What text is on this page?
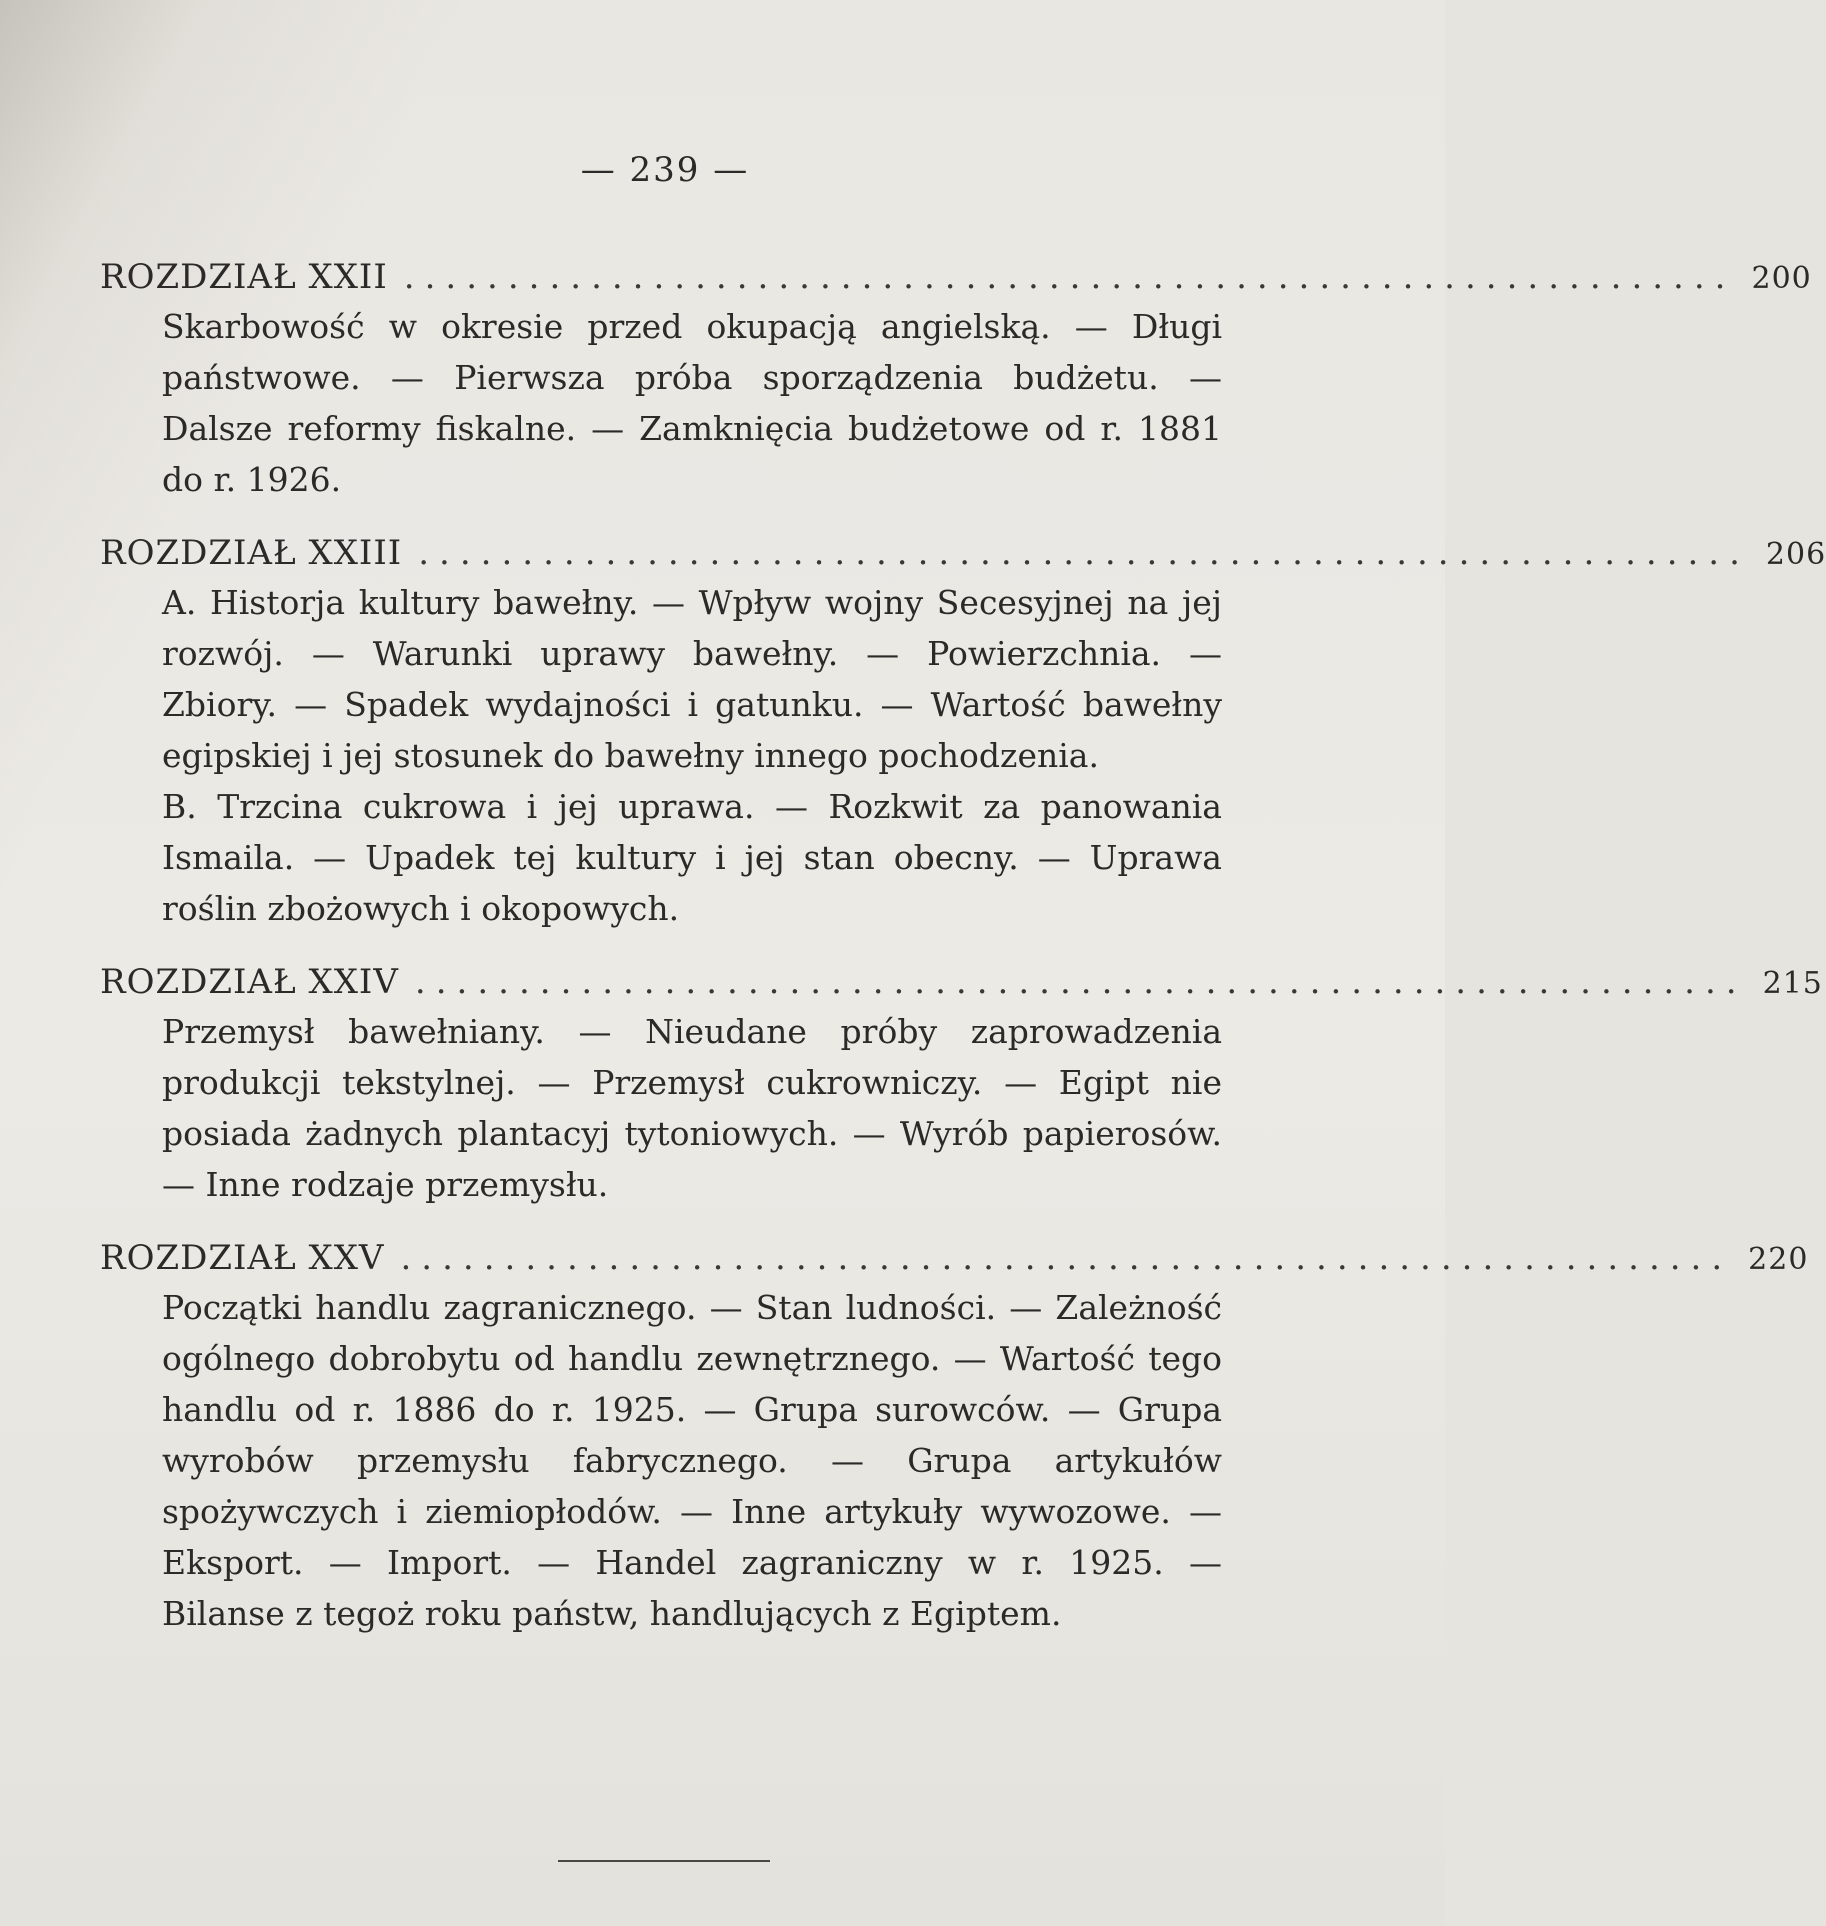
— 239 —
ROZDZIAŁ XXII ................................................................ 200

Skarbowość w okresie przed okupacją angielską. — Długi państwowe. — Pierwsza próba sporządzenia budżetu. — Dalsze reformy fiskalne. — Zamknięcia budżetowe od r. 1881 do r. 1926.

ROZDZIAŁ XXIII ................................................................ 206

A. Historja kultury bawełny. — Wpływ wojny Secesyjnej na jej rozwój. — Warunki uprawy bawełny. — Powierzchnia. — Zbiory. — Spadek wydajności i gatunku. — Wartość bawełny egipskiej i jej stosunek do bawełny innego pochodzenia.

B. Trzcina cukrowa i jej uprawa. — Rozkwit za panowania Ismaila. — Upadek tej kultury i jej stan obecny. — Uprawa roślin zbożowych i okopowych.

ROZDZIAŁ XXIV ................................................................ 215

Przemysł bawełniany. — Nieudane próby zaprowadzenia produkcji tekstylnej. — Przemysł cukrowniczy. — Egipt nie posiada żadnych plantacyj tytoniowych. — Wyrób papierosów. — Inne rodzaje przemysłu.

ROZDZIAŁ XXV ................................................................ 220

Początki handlu zagranicznego. — Stan ludności. — Zależność ogólnego dobrobytu od handlu zewnętrznego. — Wartość tego handlu od r. 1886 do r. 1925. — Grupa surowców. — Grupa wyrobów przemysłu fabrycznego. — Grupa artykułów spożywczych i ziemiopłodów. — Inne artykuły wywozowe. — Eksport. — Import. — Handel zagraniczny w r. 1925. — Bilanse z tegoż roku państw, handlujących z Egiptem.
